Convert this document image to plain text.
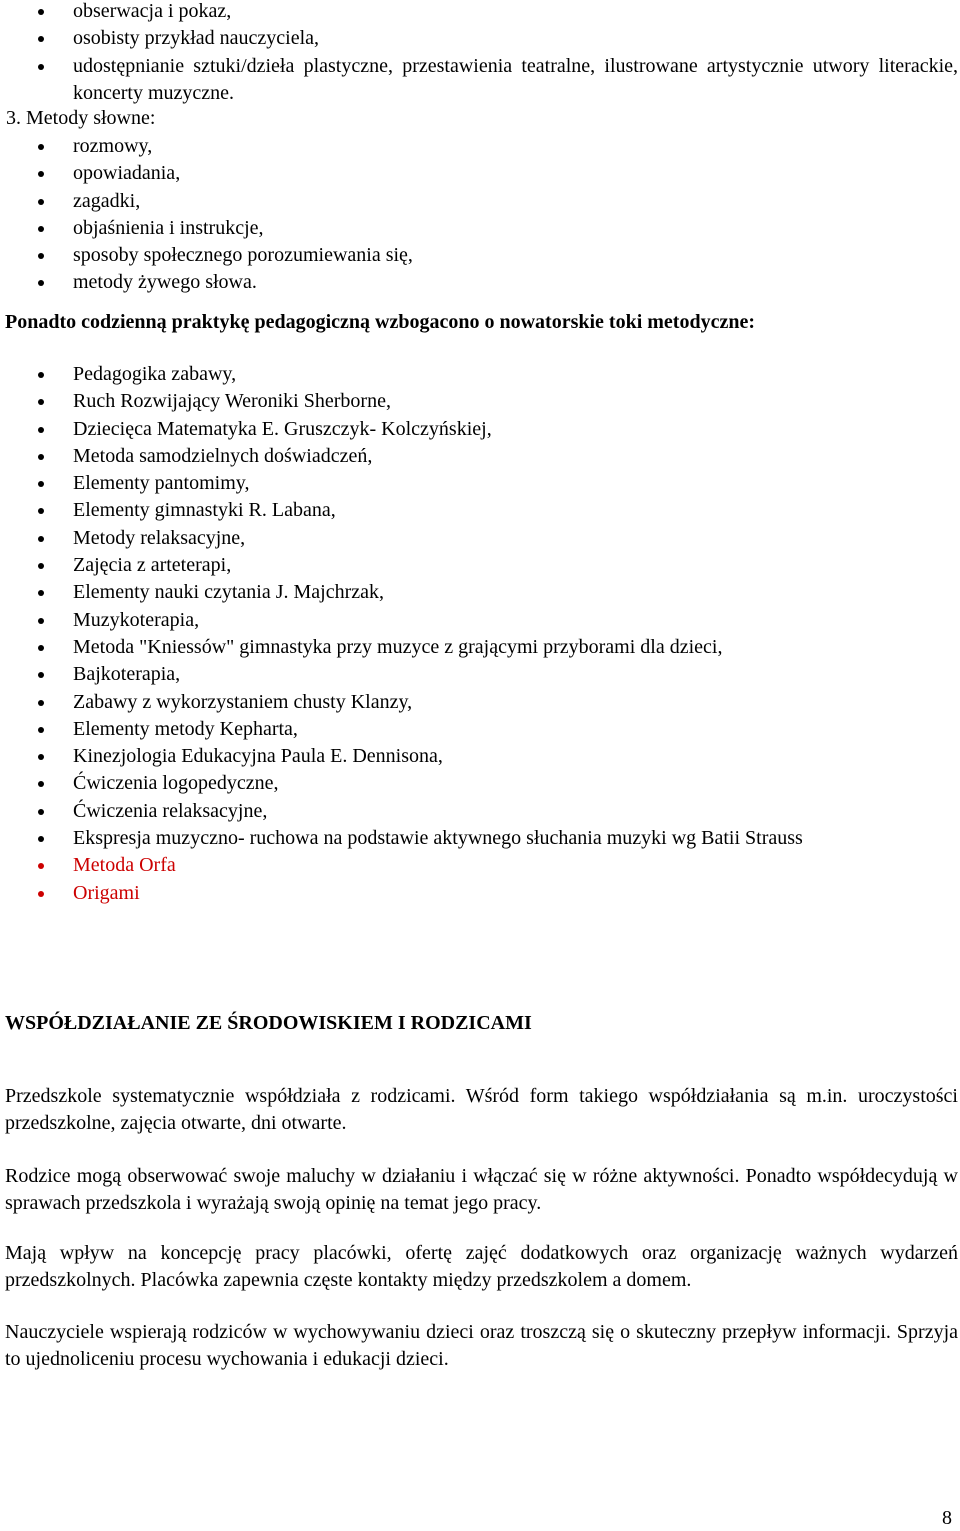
obserwacja i pokaz,
osobisty przykład nauczyciela,
udostępnianie sztuki/dzieła plastyczne, przestawienia teatralne, ilustrowane artystycznie utwory literackie, koncerty muzyczne.
3. Metody słowne:
rozmowy,
opowiadania,
zagadki,
objaśnienia i instrukcje,
sposoby społecznego porozumiewania się,
metody żywego słowa.
Ponadto codzienną praktykę pedagogiczną wzbogacono o nowatorskie toki metodyczne:
Pedagogika zabawy,
Ruch Rozwijający Weroniki Sherborne,
Dziecięca Matematyka E. Gruszczyk- Kolczyńskiej,
Metoda samodzielnych doświadczeń,
Elementy pantomimy,
Elementy gimnastyki R. Labana,
Metody relaksacyjne,
Zajęcia z arteterapi,
Elementy nauki czytania J. Majchrzak,
Muzykoterapia,
Metoda "Kniessów" gimnastyka przy muzyce z grającymi przyborami dla dzieci,
Bajkoterapia,
Zabawy z wykorzystaniem chusty Klanzy,
Elementy metody Kepharta,
Kinezjologia Edukacyjna Paula E. Dennisona,
Ćwiczenia logopedyczne,
Ćwiczenia relaksacyjne,
Ekspresja muzyczno- ruchowa na podstawie aktywnego słuchania muzyki wg Batii Strauss
Metoda Orfa
Origami
WSPÓŁDZIAŁANIE ZE ŚRODOWISKIEM I RODZICAMI

Przedszkole systematycznie współdziała z rodzicami. Wśród form takiego współdziałania są m.in. uroczystości przedszkolne, zajęcia otwarte, dni otwarte.

Rodzice mogą obserwować swoje maluchy w działaniu i włączać się w różne aktywności. Ponadto współdecydują w sprawach przedszkola i wyrażają swoją opinię na temat jego pracy.

Mają wpływ na koncepcję pracy placówki, ofertę zajęć dodatkowych oraz organizację ważnych wydarzeń przedszkolnych. Placówka zapewnia częste kontakty między przedszkolem a domem.

Nauczyciele wspierają rodziców w wychowywaniu dzieci oraz troszczą się o skuteczny przepływ informacji. Sprzyja to ujednoliceniu procesu wychowania i edukacji dzieci.

8
